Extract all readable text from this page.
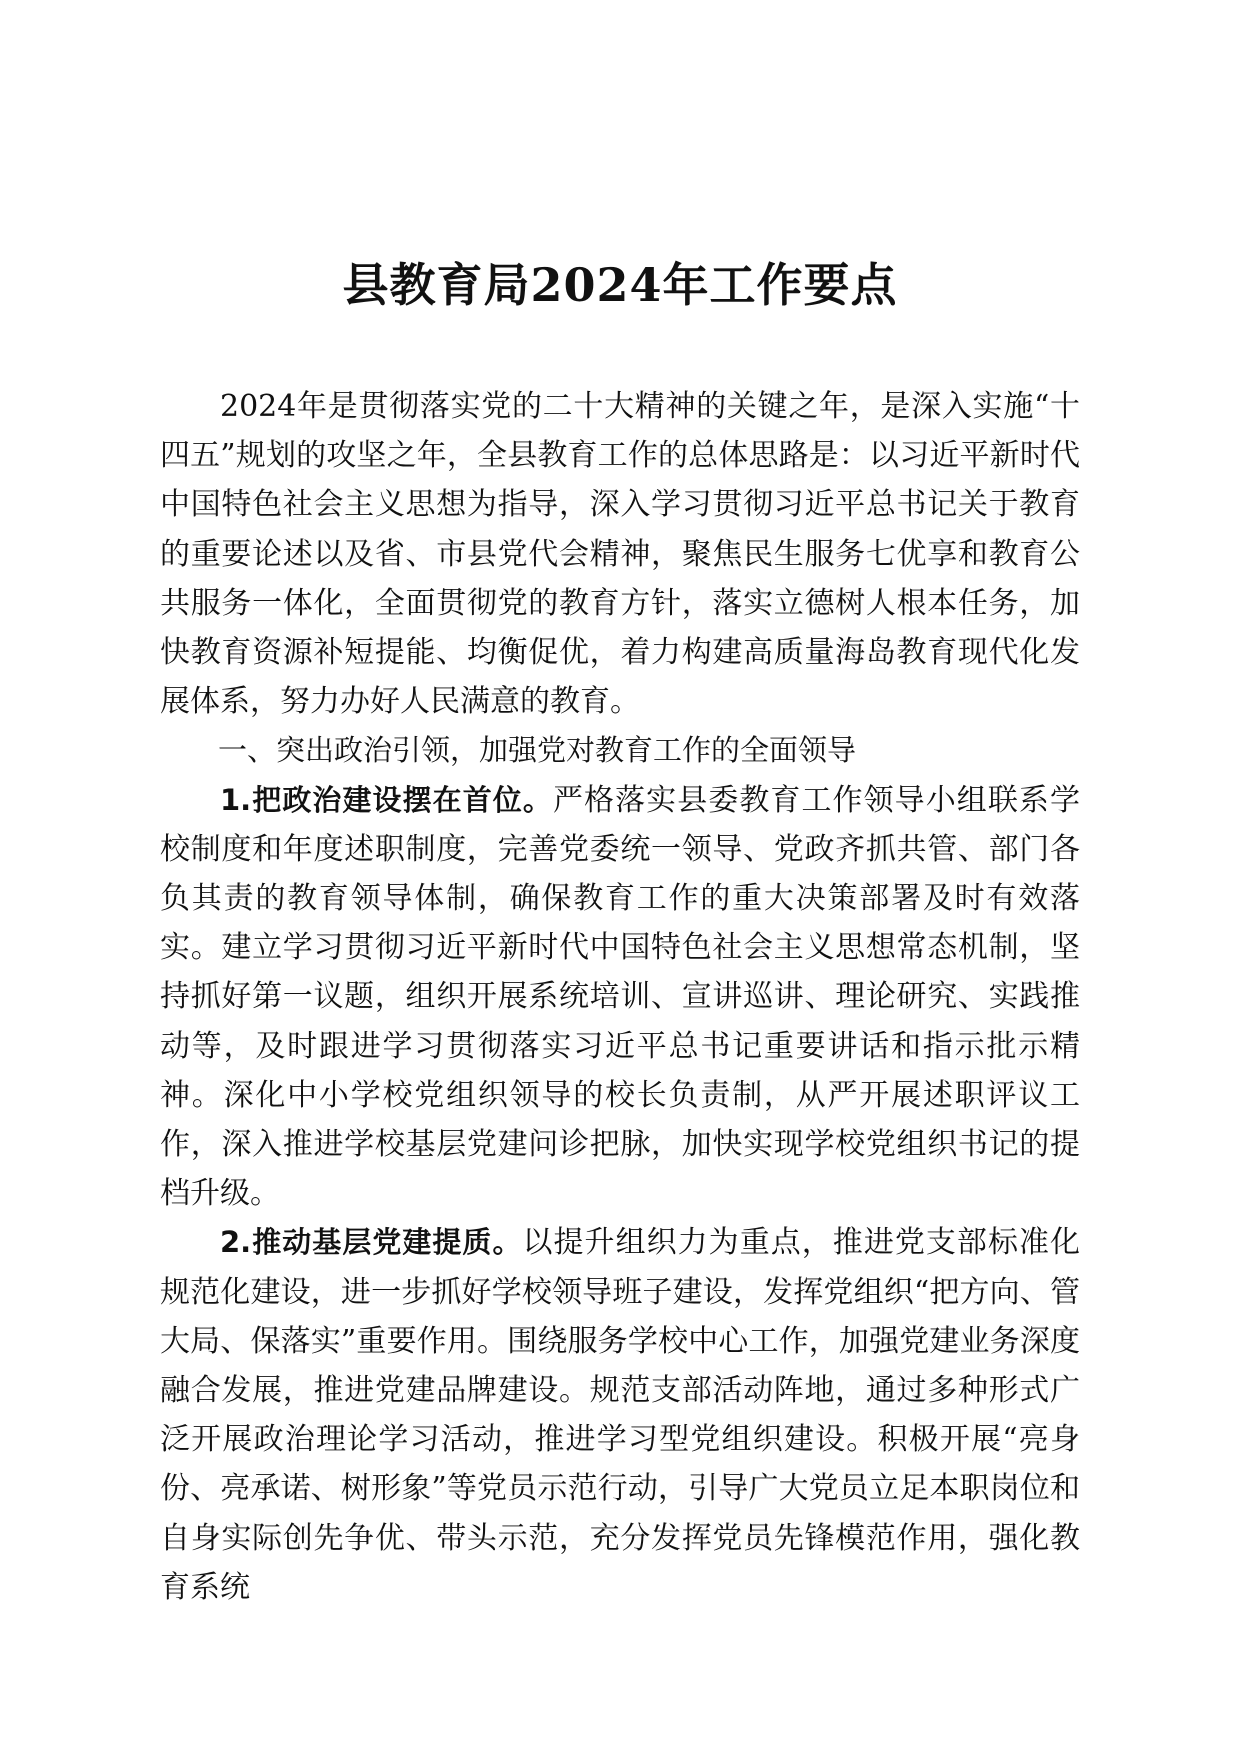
县教育局2024年工作要点

2024年是贯彻落实党的二十大精神的关键之年，是深入实施“十四五”规划的攻坚之年，全县教育工作的总体思路是：以习近平新时代中国特色社会主义思想为指导，深入学习贯彻习近平总书记关于教育的重要论述以及省、市县党代会精神，聚焦民生服务七优享和教育公共服务一体化，全面贯彻党的教育方针，落实立德树人根本任务，加快教育资源补短提能、均衡促优，着力构建高质量海岛教育现代化发展体系，努力办好人民满意的教育。

一、突出政治引领，加强党对教育工作的全面领导

1.把政治建设摆在首位。严格落实县委教育工作领导小组联系学校制度和年度述职制度，完善党委统一领导、党政齐抓共管、部门各负其责的教育领导体制，确保教育工作的重大决策部署及时有效落实。建立学习贯彻习近平新时代中国特色社会主义思想常态机制，坚持抓好第一议题，组织开展系统培训、宣讲巡讲、理论研究、实践推动等，及时跟进学习贯彻落实习近平总书记重要讲话和指示批示精神。深化中小学校党组织领导的校长负责制，从严开展述职评议工作，深入推进学校基层党建问诊把脉，加快实现学校党组织书记的提档升级。

2.推动基层党建提质。以提升组织力为重点，推进党支部标准化规范化建设，进一步抓好学校领导班子建设，发挥党组织“把方向、管大局、保落实”重要作用。围绕服务学校中心工作，加强党建业务深度融合发展，推进党建品牌建设。规范支部活动阵地，通过多种形式广泛开展政治理论学习活动，推进学习型党组织建设。积极开展“亮身份、亮承诺、树形象”等党员示范行动，引导广大党员立足本职岗位和自身实际创先争优、带头示范，充分发挥党员先锋模范作用，强化教育系统
